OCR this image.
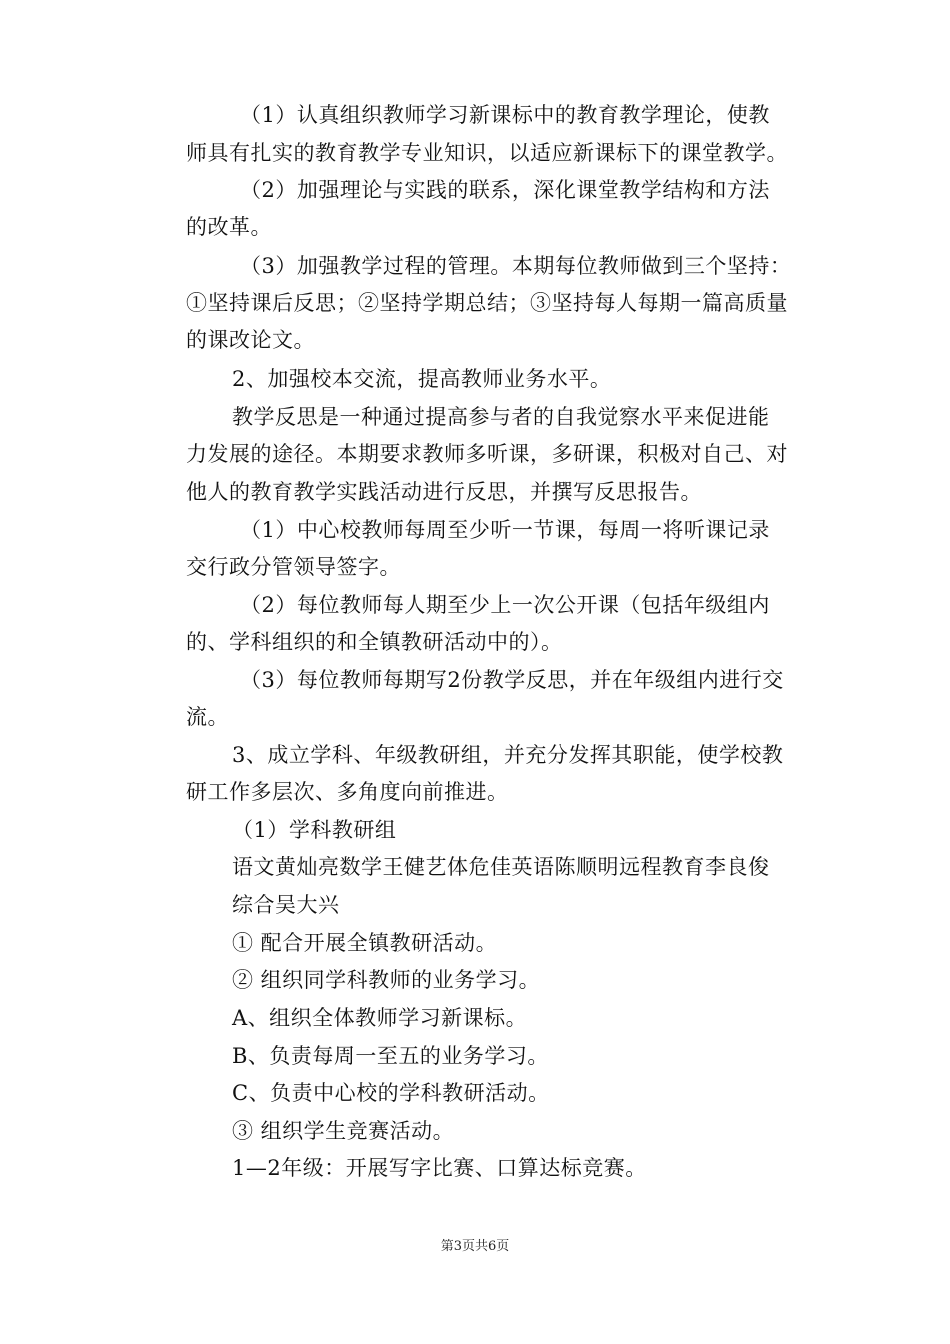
（1）认真组织教师学习新课标中的教育教学理论，使教
师具有扎实的教育教学专业知识，以适应新课标下的课堂教学。
（2）加强理论与实践的联系，深化课堂教学结构和方法
的改革。
（3）加强教学过程的管理。本期每位教师做到三个坚持：
①坚持课后反思；②坚持学期总结；③坚持每人每期一篇高质量
的课改论文。
2、加强校本交流，提高教师业务水平。
教学反思是一种通过提高参与者的自我觉察水平来促进能
力发展的途径。本期要求教师多听课，多研课，积极对自己、对
他人的教育教学实践活动进行反思，并撰写反思报告。
（1）中心校教师每周至少听一节课，每周一将听课记录
交行政分管领导签字。
（2）每位教师每人期至少上一次公开课（包括年级组内
的、学科组织的和全镇教研活动中的）。
（3）每位教师每期写2份教学反思，并在年级组内进行交
流。
3、成立学科、年级教研组，并充分发挥其职能，使学校教
研工作多层次、多角度向前推进。
（1）学科教研组
语文黄灿亮数学王健艺体危佳英语陈顺明远程教育李良俊
综合吴大兴
① 配合开展全镇教研活动。
② 组织同学科教师的业务学习。
A、组织全体教师学习新课标。
B、负责每周一至五的业务学习。
C、负责中心校的学科教研活动。
③ 组织学生竞赛活动。
1—2年级：开展写字比赛、口算达标竞赛。
第3页共6页
